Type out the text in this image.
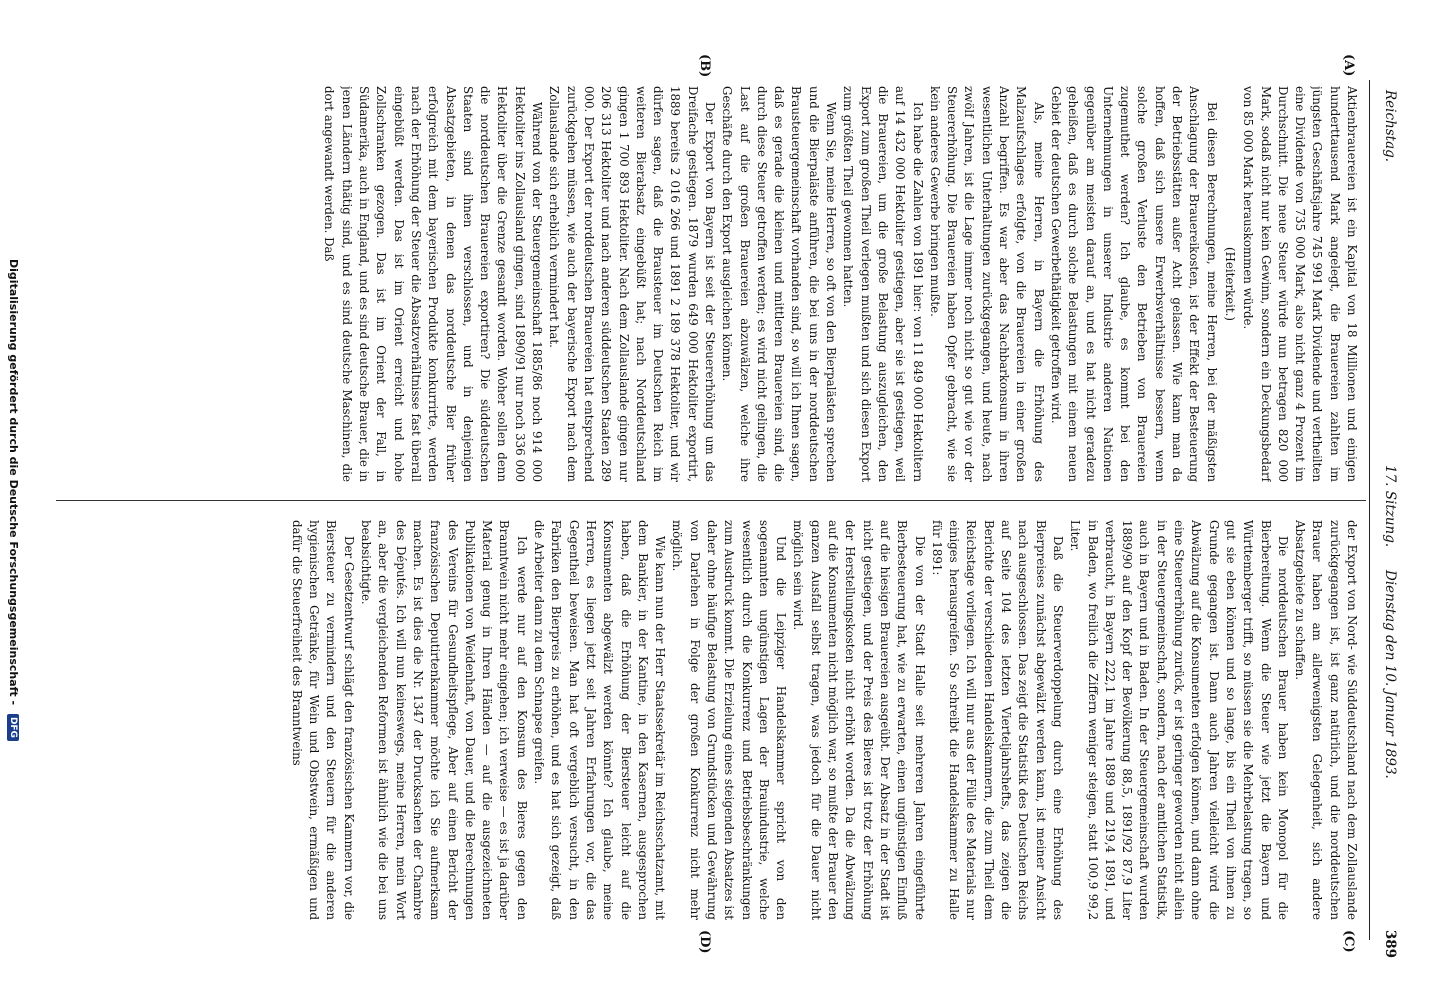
Reichstag.
17. Sitzung.
Dienstag den 10. Januar 1893.
389
(A)
(B)
(C)
(D)

Aktienbrauereien ist ein Kapital von 18 Millionen und einigen hunderttausend Mark angelegt, die Brauereien zahlten im jüngsten Geschäftsjahre 745 991 Mark Dividende und vertheilten eine Dividende von 735 000 Mark, also nicht ganz 4 Prozent im Durchschnitt. Die neue Steuer würde nun betragen 820 000 Mark, sodaß nicht nur kein Gewinn, sondern ein Deckungsbedarf von 85 000 Mark herauskommen würde.

(Heiterkeit.)

Bei diesen Berechnungen, meine Herren, bei der mäßigsten Anschlagung der Brauereikosten, ist der Effekt der Besteuerung der Betriebsstätten außer Acht gelassen. Wie kann man da hoffen, daß sich unsere Erwerbsverhältnisse bessern, wenn solche großen Verluste den Betrieben von Brauereien zugemuthet werden? Ich glaube, es kommt bei den Unternehmungen in unserer Industrie anderen Nationen gegenüber am meisten darauf an, und es hat nicht geradezu geheißen, daß es durch solche Belastungen mit einem neuen Gebiet der deutschen Gewerbethätigkeit getroffen wird.

Als, meine Herren, in Bayern die Erhöhung des Malzaufschlages erfolgte, von die Brauereien in einer großen Anzahl begriffen. Es war aber das Nachbarkonsum in ihren wesentlichen Unterhaltungen zurückgegangen, und heute, nach zwölf Jahren, ist die Lage immer noch nicht so gut wie vor der Steuererhöhung. Die Brauereien haben Opfer gebracht, wie sie kein anderes Gewerbe bringen mußte.

Ich habe die Zahlen von 1891 hier: von 11 849 000 Hektolitern auf 14 432 000 Hektoliter gestiegen, aber sie ist gestiegen, weil die Brauereien, um die große Belastung auszugleichen, den Export zum großen Theil verlegen mußten und sich diesen Export zum größten Theil gewonnen hatten.

Wenn Sie, meine Herren, so oft von den Bierpalästen sprechen und die Bierpaläste anführen, die bei uns in der norddeutschen Brausteuergemeinschaft vorhanden sind, so will ich Ihnen sagen, daß es gerade die kleinen und mittleren Brauereien sind, die durch diese Steuer getroffen werden; es wird nicht gelingen, die Last auf die großen Brauereien abzuwälzen, welche ihre Geschäfte durch den Export ausgleichen können.

Der Export von Bayern ist seit der Steuererhöhung um das Dreifache gestiegen. 1879 wurden 649 000 Hektoliter exportirt, 1889 bereits 2 016 266 und 1891 2 189 378 Hektoliter, und wir dürfen sagen, daß die Brausteuer im Deutschen Reich im weiteren Bierabsatz eingebüßt hat; nach Norddeutschland gingen 1 700 893 Hektoliter. Nach dem Zollauslande gingen nur 206 313 Hektoliter und nach anderen süddeutschen Staaten 289 000. Der Export der norddeutschen Brauereien hat entsprechend zurückgehen müssen, wie auch der bayerische Export nach dem Zollauslande sich erheblich vermindert hat.

Während von der Steuergemeinschaft 1885/86 noch 914 000 Hektoliter ins Zollausland gingen, sind 1890/91 nur noch 336 000 Hektoliter über die Grenze gesandt worden. Woher sollen denn die norddeutschen Brauereien exportiren? Die süddeutschen Staaten sind ihnen verschlossen, und in denjenigen Absatzgebieten, in denen das norddeutsche Bier früher erfolgreich mit dem bayerischen Produkte konkurrirte, werden nach der Erhöhung der Steuer die Absatzverhältnisse fast überall eingebüßt werden. Das ist im Orient erreicht und hohe Zollschranken gezogen. Das ist im Orient der Fall, in Südamerika, auch in England, und es sind deutsche Brauer, die in jenen Ländern thätig sind, und es sind deutsche Maschinen, die dort angewandt werden. Daß

der Export von Nord- wie Süddeutschland nach dem Zollauslande zurückgegangen ist, ist ganz natürlich, und die norddeutschen Brauer haben am allerwenigsten Gelegenheit, sich andere Absatzgebiete zu schaffen.

Die norddeutschen Brauer haben kein Monopol für die Bierbereitung. Wenn die Steuer wie jetzt die Bayern und Württemberger trifft, so müssen sie die Mehrbelastung tragen, so gut sie eben können und so lange, bis ein Theil von ihnen zu Grunde gegangen ist. Dann auch Jahren vielleicht wird die Abwälzung auf die Konsumenten erfolgen können, und dann ohne eine Steuererhöhung zurück, er ist geringer geworden nicht allein in der Steuergemeinschaft, sondern, nach der amtlichen Statistik, auch in Bayern und in Baden. In der Steuergemeinschaft wurden 1889/90 auf den Kopf der Bevölkerung 88,5, 1891/92 87,9 Liter verbraucht, in Bayern 222,1 im Jahre 1889 und 219,4 1891, und in Baden, wo freilich die Ziffern weniger steigen, statt 100,9 99,2 Liter.

Daß die Steuerverdoppelung durch eine Erhöhung des Bierpreises zunächst abgewälzt werden kann, ist meiner Ansicht nach ausgeschlossen. Das zeigt die Statistik des Deutschen Reichs auf Seite 104 des letzten Vierteljahrshefts, das zeigen die Berichte der verschiedenen Handelskammern, die zum Theil dem Reichstage vorliegen. Ich will nur aus der Fülle des Materials nur einiges herausgreifen. So schreibt die Handelskammer zu Halle für 1891:

Die von der Stadt Halle seit mehreren Jahren eingeführte Bierbesteuerung hat, wie zu erwarten, einen ungünstigen Einfluß auf die hiesigen Brauereien ausgeübt. Der Absatz in der Stadt ist nicht gestiegen, und der Preis des Bieres ist trotz der Erhöhung der Herstellungskosten nicht erhöht worden. Da die Abwälzung auf die Konsumenten nicht möglich war, so mußte der Brauer den ganzen Ausfall selbst tragen, was jedoch für die Dauer nicht möglich sein wird.

Und die Leipziger Handelskammer spricht von den sogenannten ungünstigen Lagen der Brauindustrie, welche wesentlich durch die Konkurrenz und Betriebsbeschränkungen zum Ausdruck kommt. Die Erzielung eines steigenden Absatzes ist daher ohne häufige Belastung von Grundstücken und Gewährung von Darlehen in Folge der großen Konkurrenz nicht mehr möglich.

Wie kann nun der Herr Staatssekretär im Reichsschatzamt, mit dem Bankier, in der Kantine, in den Kasernen, ausgesprochen haben, daß die Erhöhung der Biersteuer leicht auf die Konsumenten abgewälzt werden könnte? Ich glaube, meine Herren, es liegen jetzt seit Jahren Erfahrungen vor, die das Gegentheil beweisen. Man hat oft vergeblich versucht, in den Fabriken den Bierpreis zu erhöhen, und es hat sich gezeigt, daß die Arbeiter dann zu dem Schnapse greifen.

Ich werde nur auf den Konsum des Bieres gegen den Branntwein nicht mehr eingehen; ich verweise — es ist ja darüber Material genug in Ihren Händen — auf die ausgezeichneten Publikationen von Weidenhaft, von Dauer, und die Berechnungen des Vereins für Gesundheitspflege, Aber auf einen Bericht der französischen Deputirtenkammer möchte ich Sie aufmerksam machen. Es ist dies die Nr. 1347 der Drucksachen der Chambre des Députés. Ich will nun keineswegs, meine Herren, mein Wort an, aber die vergleichenden Reformen ist ähnlich wie die bei uns beabsichtigte.

Der Gesetzentwurf schlägt den französischen Kammern vor, die Biersteuer zu vermindern und den Steuern für die anderen hygienischen Getränke, für Wein und Obstwein, ermäßigen und dafür die Steuerfreiheit des Branntweins

Digitalisierung gefördert durch die Deutsche Forschungsgemeinschaft - DFG
